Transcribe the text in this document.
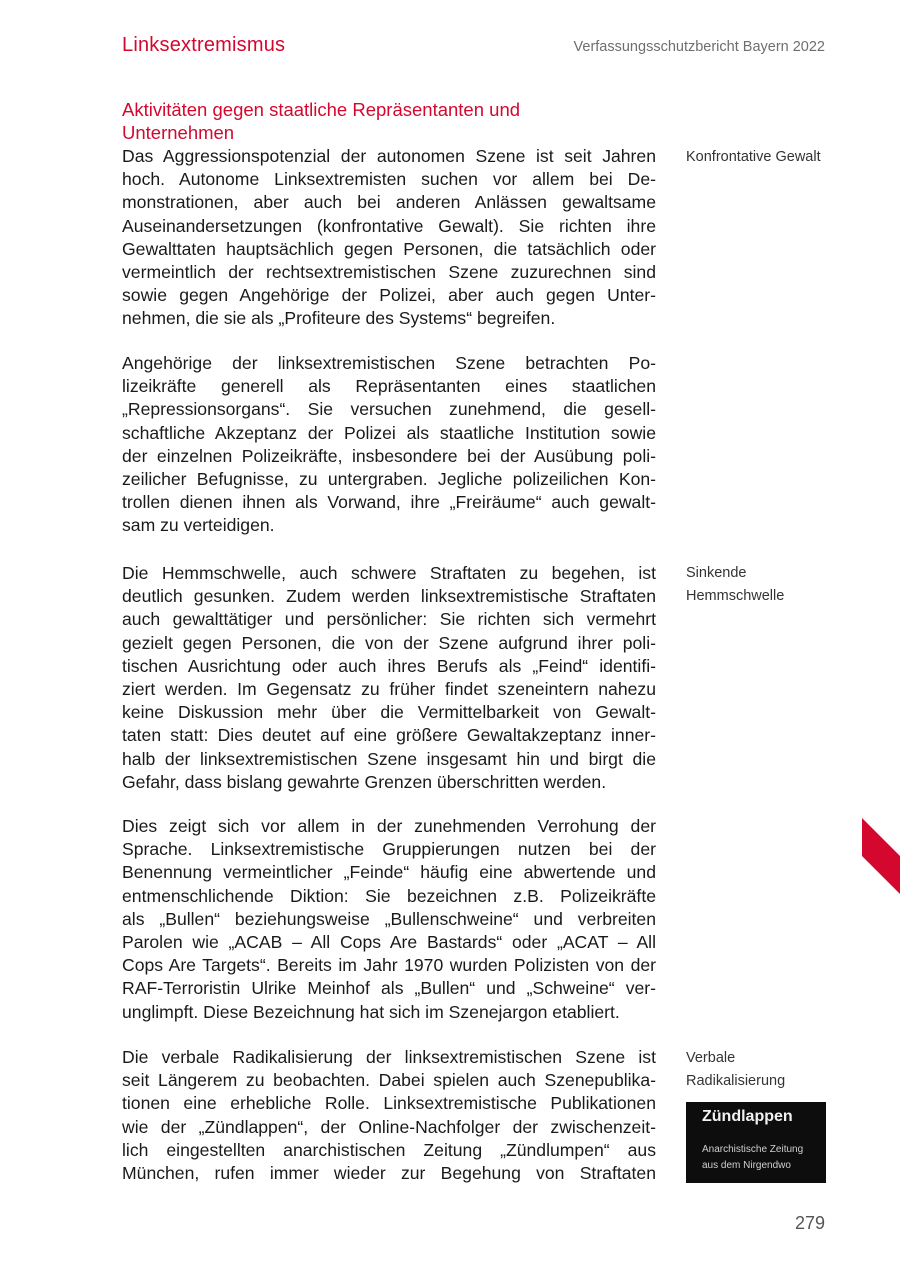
Linksextremismus	Verfassungsschutzbericht Bayern 2022
Aktivitäten gegen staatliche Repräsentanten und Unternehmen
Das Aggressionspotenzial der autonomen Szene ist seit Jahren
hoch. Autonome Linksextremisten suchen vor allem bei De-
monstrationen, aber auch bei anderen Anlässen gewaltsame
Auseinandersetzungen (konfrontative Gewalt). Sie richten ihre
Gewalttaten hauptsächlich gegen Personen, die tatsächlich oder
vermeintlich der rechtsextremistischen Szene zuzurechnen sind
sowie gegen Angehörige der Polizei, aber auch gegen Unter-
nehmen, die sie als „Profiteure des Systems“ begreifen.
Angehörige der linksextremistischen Szene betrachten Po-
lizeikräfte generell als Repräsentanten eines staatlichen
„Repressionsorgans“. Sie versuchen zunehmend, die gesell-
schaftliche Akzeptanz der Polizei als staatliche Institution sowie
der einzelnen Polizeikräfte, insbesondere bei der Ausübung poli-
zeilicher Befugnisse, zu untergraben. Jegliche polizeilichen Kon-
trollen dienen ihnen als Vorwand, ihre „Freiräume“ auch gewalt-
sam zu verteidigen.
Die Hemmschwelle, auch schwere Straftaten zu begehen, ist
deutlich gesunken. Zudem werden linksextremistische Straftaten
auch gewalttätiger und persönlicher: Sie richten sich vermehrt
gezielt gegen Personen, die von der Szene aufgrund ihrer poli-
tischen Ausrichtung oder auch ihres Berufs als „Feind“ identifi-
ziert werden. Im Gegensatz zu früher findet szeneintern nahezu
keine Diskussion mehr über die Vermittelbarkeit von Gewalt-
taten statt: Dies deutet auf eine größere Gewaltakzeptanz inner-
halb der linksextremistischen Szene insgesamt hin und birgt die
Gefahr, dass bislang gewahrte Grenzen überschritten werden.
Dies zeigt sich vor allem in der zunehmenden Verrohung der
Sprache. Linksextremistische Gruppierungen nutzen bei der
Benennung vermeintlicher „Feinde“ häufig eine abwertende und
entmenschlichende Diktion: Sie bezeichnen z.B. Polizeikräfte
als „Bullen“ beziehungsweise „Bullenschweine“ und verbreiten
Parolen wie „ACAB – All Cops Are Bastards“ oder „ACAT – All
Cops Are Targets“. Bereits im Jahr 1970 wurden Polizisten von der
RAF-Terroristin Ulrike Meinhof als „Bullen“ und „Schweine“ ver-
unglimpft. Diese Bezeichnung hat sich im Szenejargon etabliert.
Die verbale Radikalisierung der linksextremistischen Szene ist
seit Längerem zu beobachten. Dabei spielen auch Szenepublika-
tionen eine erhebliche Rolle. Linksextremistische Publikationen
wie der „Zündlappen“, der Online-Nachfolger der zwischenzeit-
lich eingestellten anarchistischen Zeitung „Zündlumpen“ aus
München, rufen immer wieder zur Begehung von Straftaten
Konfrontative Gewalt
Sinkende
Hemmschwelle
Verbale
Radikalisierung
Zündlappen
Anarchistische Zeitung
aus dem Nirgendwo
279
